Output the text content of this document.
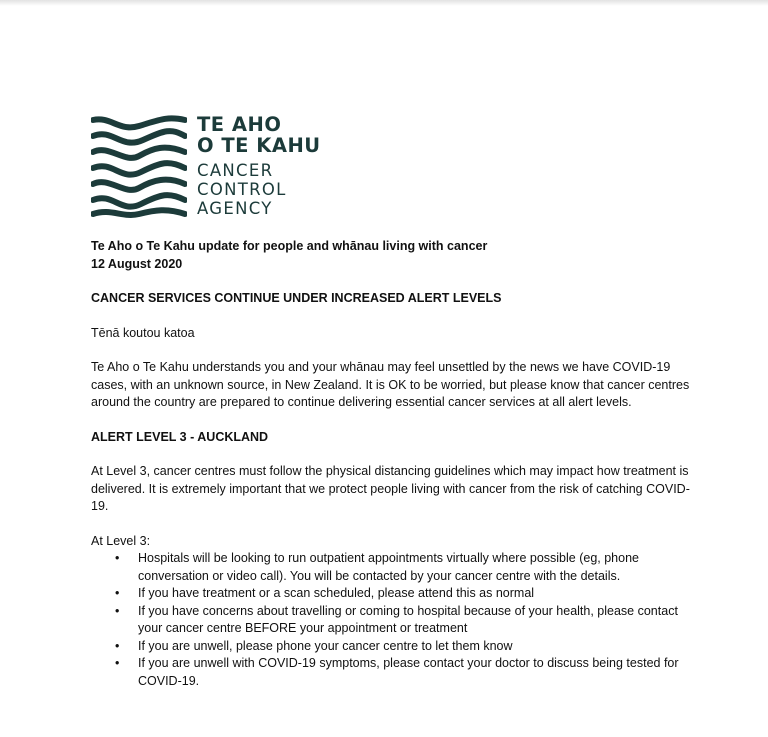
TE AHO
O TE KAHU
CANCER
CONTROL
AGENCY

Te Aho o Te Kahu update for people and whānau living with cancer

12 August 2020

CANCER SERVICES CONTINUE UNDER INCREASED ALERT LEVELS

Tēnā koutou katoa

Te Aho o Te Kahu understands you and your whānau may feel unsettled by the news we have COVID-19 cases, with an unknown source, in New Zealand. It is OK to be worried, but please know that cancer centres around the country are prepared to continue delivering essential cancer services at all alert levels.

ALERT LEVEL 3 - AUCKLAND

At Level 3, cancer centres must follow the physical distancing guidelines which may impact how treatment is delivered. It is extremely important that we protect people living with cancer from the risk of catching COVID-19.

At Level 3:

• Hospitals will be looking to run outpatient appointments virtually where possible (eg, phone conversation or video call). You will be contacted by your cancer centre with the details.
• If you have treatment or a scan scheduled, please attend this as normal
• If you have concerns about travelling or coming to hospital because of your health, please contact your cancer centre BEFORE your appointment or treatment
• If you are unwell, please phone your cancer centre to let them know
• If you are unwell with COVID-19 symptoms, please contact your doctor to discuss being tested for COVID-19.
